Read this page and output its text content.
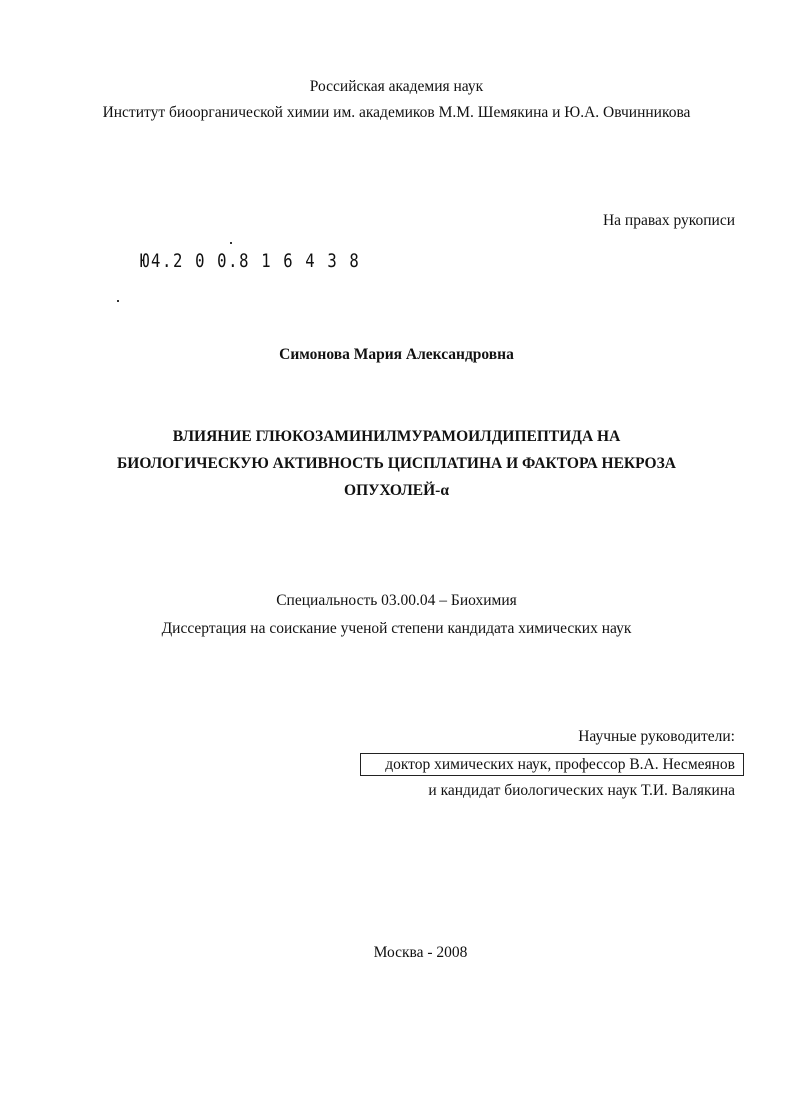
Российская академия наук
Институт биоорганической химии им. академиков М.М. Шемякина и Ю.А. Овчинникова
На правах рукописи
Ю4.2 0 0.8 1 6 4 3 8
Симонова Мария Александровна
ВЛИЯНИЕ ГЛЮКОЗАМИНИЛМУРАМОИЛДИПЕПТИДА НА
БИОЛОГИЧЕСКУЮ АКТИВНОСТЬ ЦИСПЛАТИНА И ФАКТОРА НЕКРОЗА
ОПУХОЛЕЙ-α
Специальность 03.00.04 – Биохимия
Диссертация на соискание ученой степени кандидата химических наук
Научные руководители:
доктор химических наук, профессор В.А. Несмеянов
и кандидат биологических наук Т.И. Валякина
Москва - 2008
